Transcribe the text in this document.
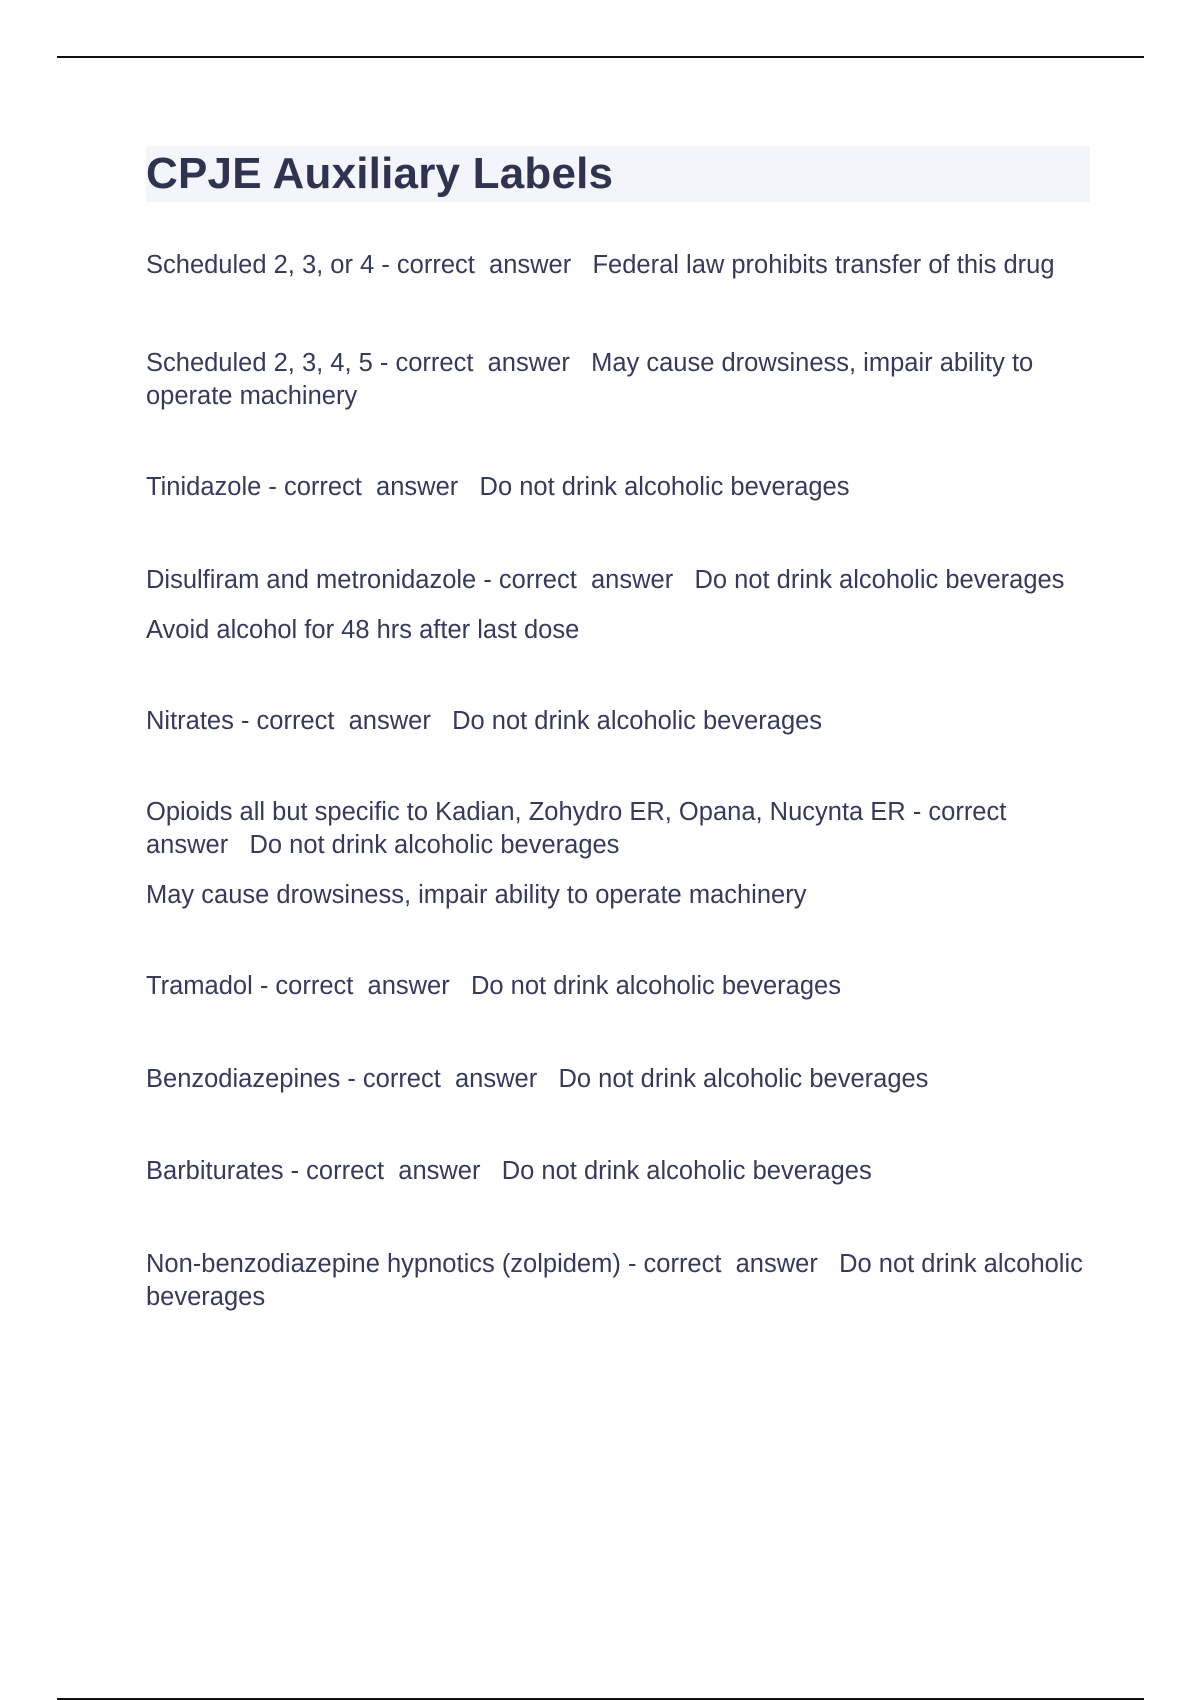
CPJE Auxiliary Labels

Scheduled 2, 3, or 4 - correct  answer   Federal law prohibits transfer of this drug

Scheduled 2, 3, 4, 5 - correct  answer   May cause drowsiness, impair ability to operate machinery

Tinidazole - correct  answer   Do not drink alcoholic beverages

Disulfiram and metronidazole - correct  answer   Do not drink alcoholic beverages

Avoid alcohol for 48 hrs after last dose

Nitrates - correct  answer   Do not drink alcoholic beverages

Opioids all but specific to Kadian, Zohydro ER, Opana, Nucynta ER - correct  answer   Do not drink alcoholic beverages

May cause drowsiness, impair ability to operate machinery

Tramadol - correct  answer   Do not drink alcoholic beverages

Benzodiazepines - correct  answer   Do not drink alcoholic beverages

Barbiturates - correct  answer   Do not drink alcoholic beverages

Non-benzodiazepine hypnotics (zolpidem) - correct  answer   Do not drink alcoholic beverages
